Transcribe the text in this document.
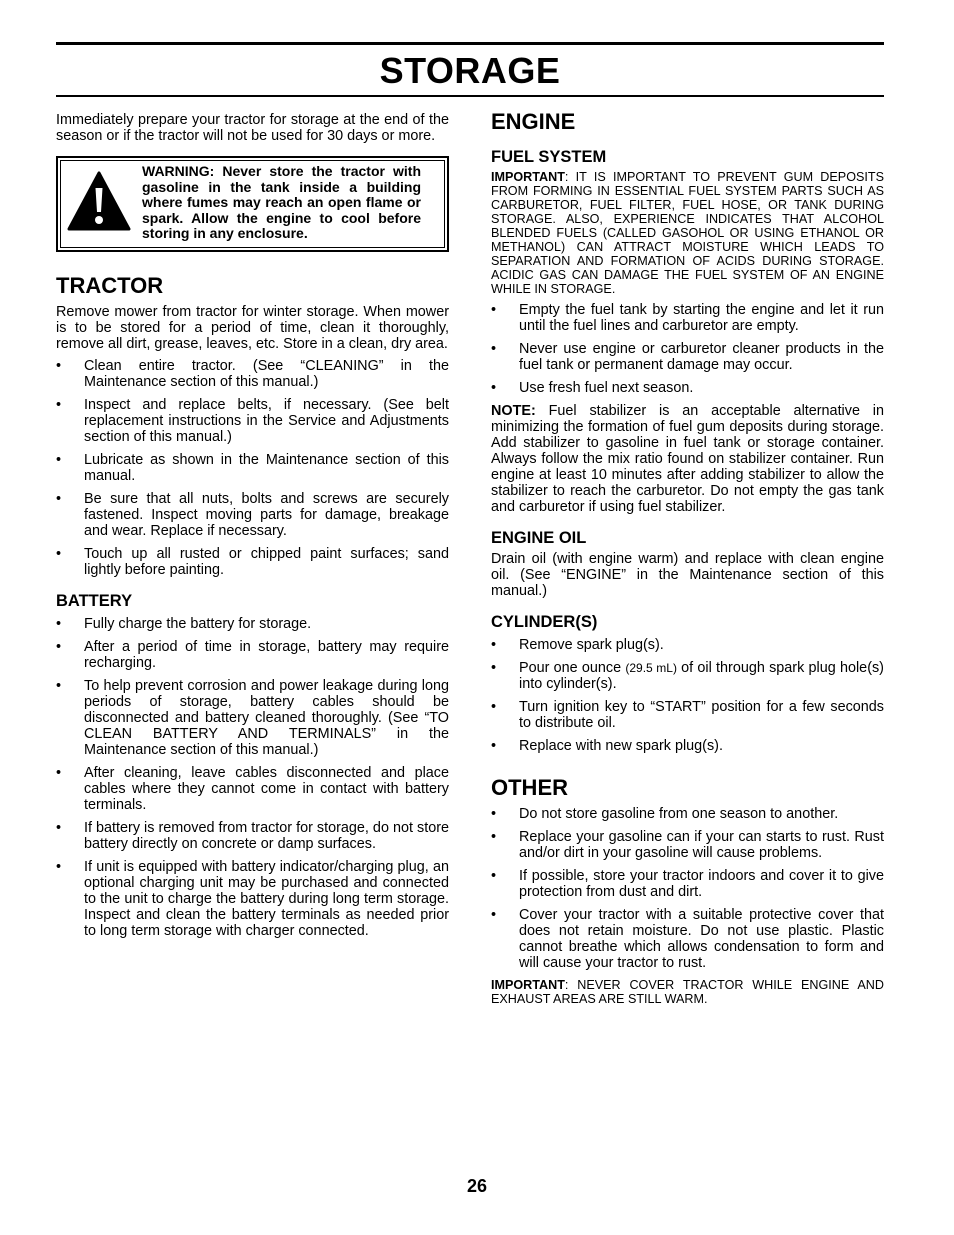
STORAGE

Immediately prepare your tractor for storage at the end of the season or if the tractor will not be used for 30 days or more.

WARNING: Never store the tractor with gasoline in the tank inside a building where fumes may reach an open flame or spark. Allow the engine to cool before storing in any enclosure.
TRACTOR

Remove mower from tractor for winter storage. When mower is to be stored for a period of time, clean it thoroughly, remove all dirt, grease, leaves, etc. Store in a clean, dry area.

• Clean entire tractor. (See “CLEANING” in the Maintenance section of this manual.)
• Inspect and replace belts, if necessary. (See belt replacement instructions in the Service and Adjustments section of this manual.)
• Lubricate as shown in the Maintenance section of this manual.
• Be sure that all nuts, bolts and screws are securely fastened. Inspect moving parts for damage, breakage and wear. Replace if necessary.
• Touch up all rusted or chipped paint surfaces; sand lightly before painting.
BATTERY
• Fully charge the battery for storage.
• After a period of time in storage, battery may require recharging.
• To help prevent corrosion and power leakage during long periods of storage, battery cables should be disconnected and battery cleaned thoroughly. (See “TO CLEAN BATTERY AND TERMINALS” in the Maintenance section of this manual.)
• After cleaning, leave cables disconnected and place cables where they cannot come in contact with battery terminals.
• If battery is removed from tractor for storage, do not store battery directly on concrete or damp surfaces.
• If unit is equipped with battery indicator/charging plug, an optional charging unit may be purchased and connected to the unit to charge the battery during long term storage. Inspect and clean the battery terminals as needed prior to long term storage with charger connected.
ENGINE
FUEL SYSTEM

IMPORTANT: IT IS IMPORTANT TO PREVENT GUM DEPOSITS FROM FORMING IN ESSENTIAL FUEL SYSTEM PARTS SUCH AS CARBURETOR, FUEL FILTER, FUEL HOSE, OR TANK DURING STORAGE. ALSO, EXPERIENCE INDICATES THAT ALCOHOL BLENDED FUELS (CALLED GASOHOL OR USING ETHANOL OR METHANOL) CAN ATTRACT MOISTURE WHICH LEADS TO SEPARATION AND FORMATION OF ACIDS DURING STORAGE. ACIDIC GAS CAN DAMAGE THE FUEL SYSTEM OF AN ENGINE WHILE IN STORAGE.

• Empty the fuel tank by starting the engine and let it run until the fuel lines and carburetor are empty.
• Never use engine or carburetor cleaner products in the fuel tank or permanent damage may occur.
• Use fresh fuel next season.

NOTE: Fuel stabilizer is an acceptable alternative in minimizing the formation of fuel gum deposits during storage. Add stabilizer to gasoline in fuel tank or storage container. Always follow the mix ratio found on stabilizer container. Run engine at least 10 minutes after adding stabilizer to allow the stabilizer to reach the carburetor. Do not empty the gas tank and carburetor if using fuel stabilizer.

ENGINE OIL

Drain oil (with engine warm) and replace with clean engine oil. (See “ENGINE” in the Maintenance section of this manual.)

CYLINDER(S)
• Remove spark plug(s).
• Pour one ounce (29.5 mL) of oil through spark plug hole(s) into cylinder(s).
• Turn ignition key to “START” position for a few seconds to distribute oil.
• Replace with new spark plug(s).
OTHER
• Do not store gasoline from one season to another.
• Replace your gasoline can if your can starts to rust. Rust and/or dirt in your gasoline will cause problems.
• If possible, store your tractor indoors and cover it to give protection from dust and dirt.
• Cover your tractor with a suitable protective cover that does not retain moisture. Do not use plastic. Plastic cannot breathe which allows condensation to form and will cause your tractor to rust.

IMPORTANT: NEVER COVER TRACTOR WHILE ENGINE AND EXHAUST AREAS ARE STILL WARM.

26
